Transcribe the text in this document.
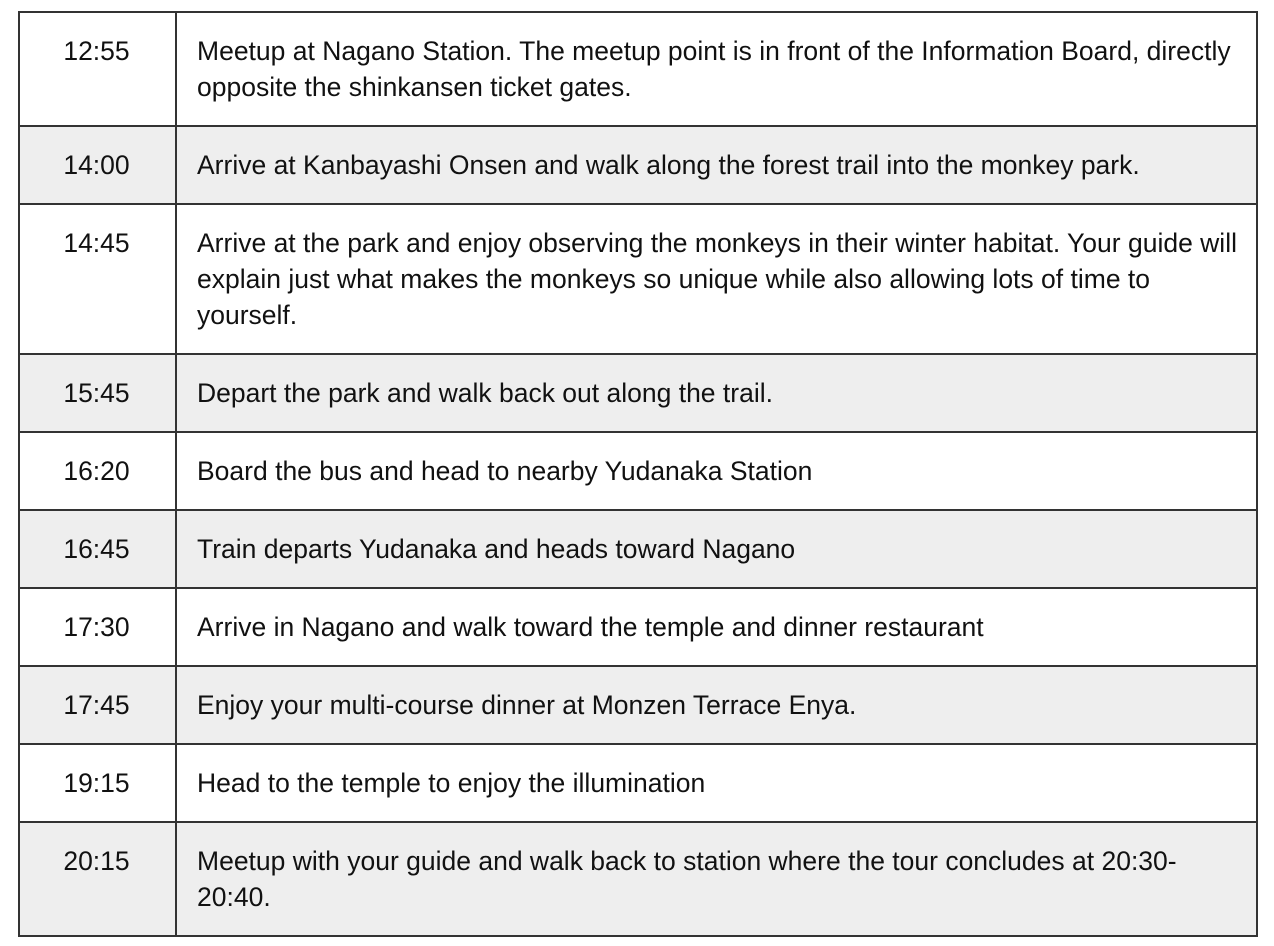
12:55	Meetup at Nagano Station. The meetup point is in front of the Information Board, directly opposite the shinkansen ticket gates.

14:00	Arrive at Kanbayashi Onsen and walk along the forest trail into the monkey park.

14:45	Arrive at the park and enjoy observing the monkeys in their winter habitat. Your guide will explain just what makes the monkeys so unique while also allowing lots of time to yourself.

15:45	Depart the park and walk back out along the trail.

16:20	Board the bus and head to nearby Yudanaka Station

16:45	Train departs Yudanaka and heads toward Nagano

17:30	Arrive in Nagano and walk toward the temple and dinner restaurant

17:45	Enjoy your multi-course dinner at Monzen Terrace Enya.

19:15	Head to the temple to enjoy the illumination

20:15	Meetup with your guide and walk back to station where the tour concludes at 20:30-20:40.
